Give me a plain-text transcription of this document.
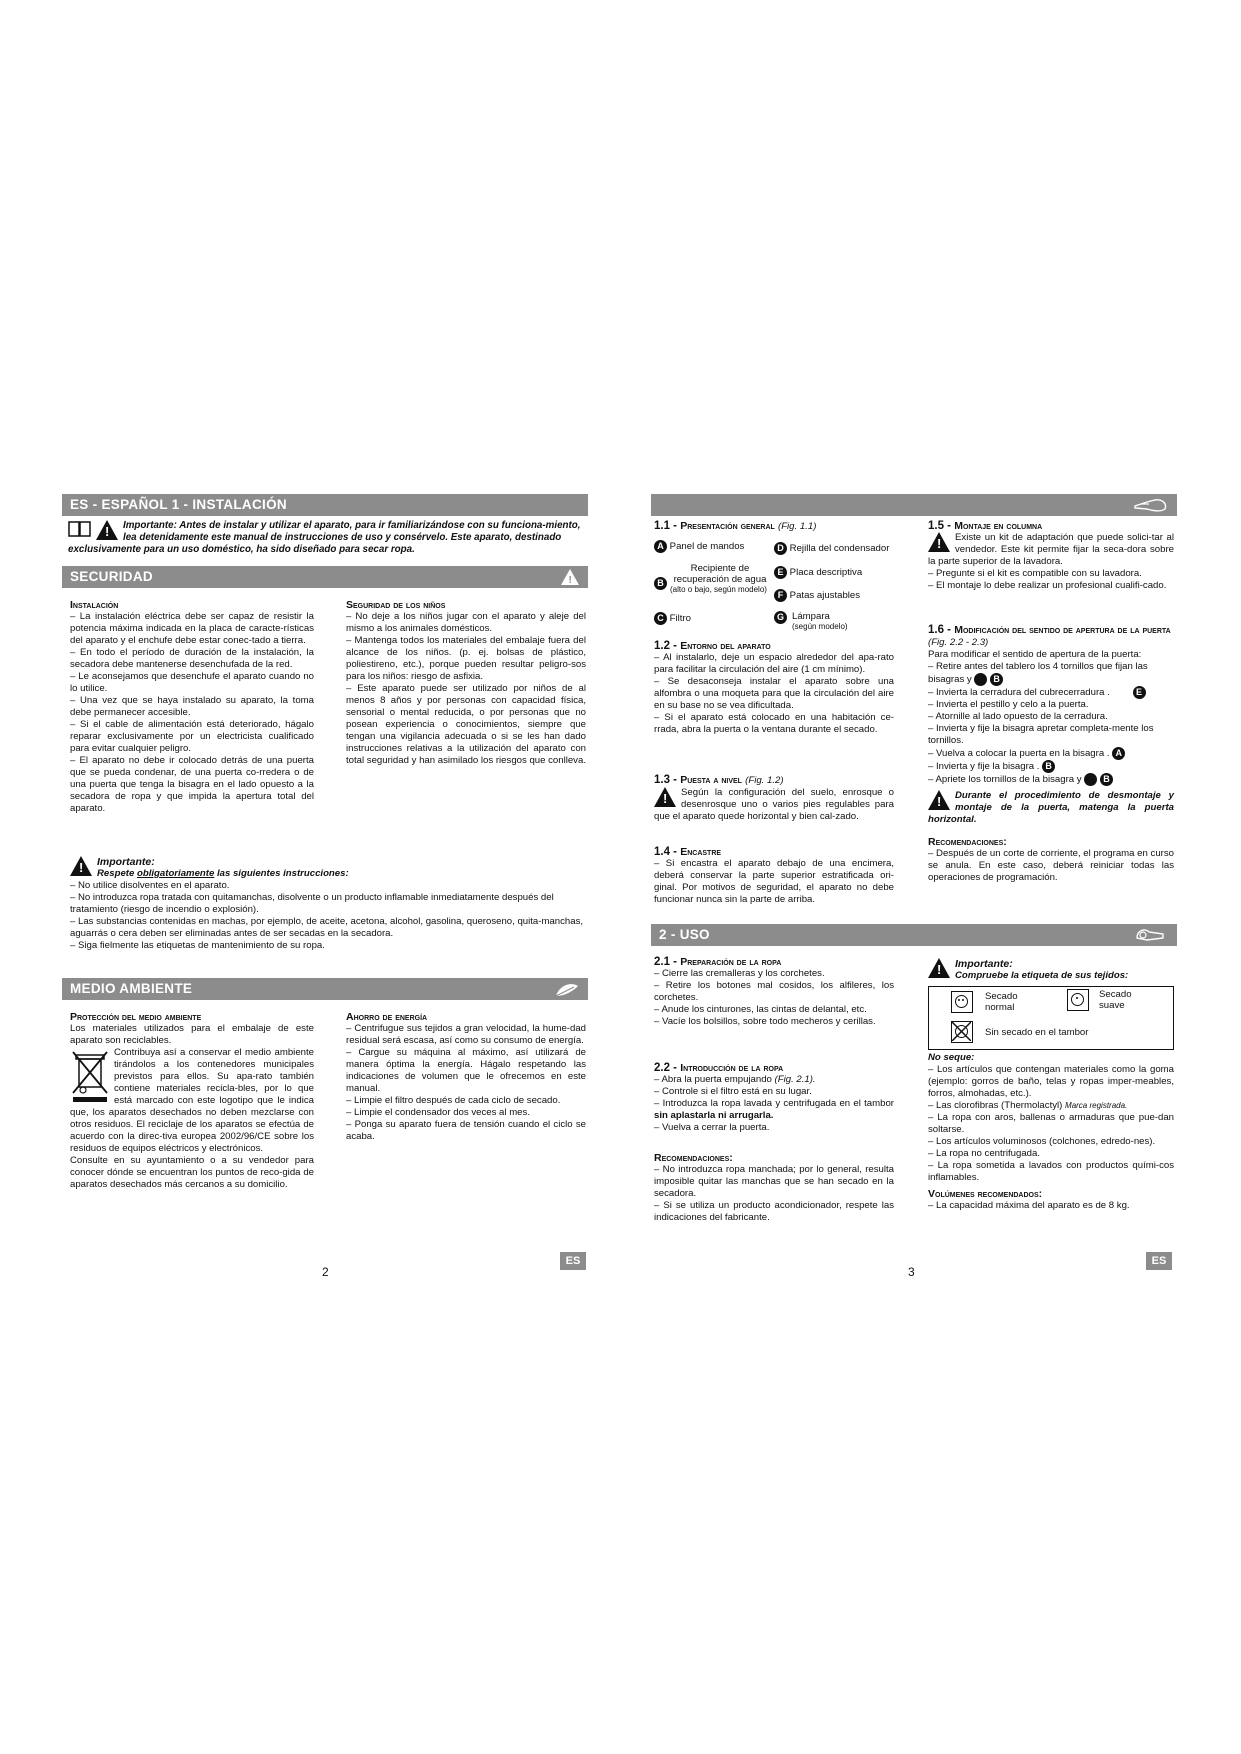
ES - ESPAÑOL 1 - INSTALACIÓN
!

Importante: Antes de instalar y utilizar el aparato, para ir familiarizándose con su funciona-miento, lea detenidamente este manual de instrucciones de uso y consérvelo. Este aparato, destinado exclusivamente para un uso doméstico, ha sido diseñado para secar ropa.

SECURIDAD	!

Instalación

– La instalación eléctrica debe ser capaz de resistir la potencia máxima indicada en la placa de caracte-rísticas del aparato y el enchufe debe estar conec-tado a tierra.

– En todo el período de duración de la instalación, la secadora debe mantenerse desenchufada de la red.

– Le aconsejamos que desenchufe el aparato cuando no lo utilice.

– Una vez que se haya instalado su aparato, la toma debe permanecer accesible.

– Si el cable de alimentación está deteriorado, hágalo reparar exclusivamente por un electricista cualificado para evitar cualquier peligro.

– El aparato no debe ir colocado detrás de una puerta que se pueda condenar, de una puerta co-rredera o de una puerta que tenga la bisagra en el lado opuesto a la secadora de ropa y que impida la apertura total del aparato.

Seguridad de los niños

– No deje a los niños jugar con el aparato y aleje del mismo a los animales domésticos.

– Mantenga todos los materiales del embalaje fuera del alcance de los niños. (p. ej. bolsas de plástico, poliestireno, etc.), porque pueden resultar peligro-sos para los niños: riesgo de asfixia.

– Este aparato puede ser utilizado por niños de al menos 8 años y por personas con capacidad física, sensorial o mental reducida, o por personas que no posean experiencia o conocimientos, siempre que tengan una vigilancia adecuada o si se les han dado instrucciones relativas a la utilización del aparato con total seguridad y han asimilado los riesgos que conlleva.

!

Importante:

Respete obligatoriamente las siguientes instrucciones:

– No utilice disolventes en el aparato.

– No introduzca ropa tratada con quitamanchas, disolvente o un producto inflamable inmediatamente después del tratamiento (riesgo de incendio o explosión).

– Las substancias contenidas en machas, por ejemplo, de aceite, acetona, alcohol, gasolina, queroseno, quita-manchas, aguarrás o cera deben ser eliminadas antes de ser secadas en la secadora.

– Siga fielmente las etiquetas de mantenimiento de su ropa.

MEDIO AMBIENTE

Protección del medio ambiente

Los materiales utilizados para el embalaje de este aparato son reciclables.

Contribuya así a conservar el medio ambiente tirándolos a los contenedores municipales previstos para ellos. Su apa-rato también contiene materiales recicla-bles, por lo que está marcado con este logotipo que le indica que, los aparatos desechados no deben mezclarse con otros residuos. El reciclaje de los aparatos se efectúa de acuerdo con la direc-tiva europea 2002/96/CE sobre los residuos de equipos eléctricos y electrónicos.

Consulte en su ayuntamiento o a su vendedor para conocer dónde se encuentran los puntos de reco-gida de aparatos desechados más cercanos a su domicilio.

Ahorro de energía

– Centrifugue sus tejidos a gran velocidad, la hume-dad residual será escasa, así como su consumo de energía.

– Cargue su máquina al máximo, así utilizará de manera óptima la energía. Hágalo respetando las indicaciones de volumen que le ofrecemos en este manual.

– Limpie el filtro después de cada ciclo de secado.

– Limpie el condensador dos veces al mes.

– Ponga su aparato fuera de tensión cuando el ciclo se acaba.

2
ES

1.1 - Presentación general (Fig. 1.1)

A Panel de mandos
B
Recipiente de recuperación de agua
(alto o bajo, según modelo)
C Filtro
D Rejilla del condensador
E Placa descriptiva
F Patas ajustables
G Lámpara
(según modelo)

1.2 - Entorno del aparato

– Al instalarlo, deje un espacio alrededor del apa-rato para facilitar la circulación del aire (1 cm mínimo).

– Se desaconseja instalar el aparato sobre una alfombra o una moqueta para que la circulación del aire en su base no se vea dificultada.

– Si el aparato está colocado en una habitación ce-rrada, abra la puerta o la ventana durante el secado.

1.3 - Puesta a nivel (Fig. 1.2)

!

Según la configuración del suelo, enrosque o desenrosque uno o varios pies regulables para que el aparato quede horizontal y bien cal-zado.

1.4 - Encastre

– Si encastra el aparato debajo de una encimera, deberá conservar la parte superior estratificada ori-ginal. Por motivos de seguridad, el aparato no debe funcionar nunca sin la parte de arriba.

1.5 - Montaje en columna

!

Existe un kit de adaptación que puede solici-tar al vendedor. Este kit permite fijar la seca-dora sobre la parte superior de la lavadora.

– Pregunte si el kit es compatible con su lavadora.

– El montaje lo debe realizar un profesional cualifi-cado.

1.6 - Modificación del sentido de apertura de la puerta (Fig. 2.2 - 2.3)

Para modificar el sentido de apertura de la puerta:

– Retire antes del tablero los 4 tornillos que fijan las bisagras y B

– Invierta la cerradura del cubrecerradura .	E

– Invierta el pestillo y celo a la puerta.

– Atornille al lado opuesto de la cerradura.

– Invierta y fije la bisagra apretar completa-mente los tornillos.

– Vuelva a colocar la puerta en la bisagra . A

– Invierta y fije la bisagra . B

– Apriete los tornillos de la bisagra y B

!

Durante el procedimiento de desmontaje y montaje de la puerta, matenga la puerta horizontal.

Recomendaciones:

– Después de un corte de corriente, el programa en curso se anula. En este caso, deberá reiniciar todas las operaciones de programación.

2 - USO

2.1 - Preparación de la ropa

– Cierre las cremalleras y los corchetes.

– Retire los botones mal cosidos, los alfileres, los corchetes.

– Anude los cinturones, las cintas de delantal, etc.

– Vacíe los bolsillos, sobre todo mecheros y cerillas.

2.2 - Introducción de la ropa

– Abra la puerta empujando (Fig. 2.1).

– Controle si el filtro está en su lugar.

– Introduzca la ropa lavada y centrifugada en el tambor sin aplastarla ni arrugarla.

– Vuelva a cerrar la puerta.

Recomendaciones:

– No introduzca ropa manchada; por lo general, resulta imposible quitar las manchas que se han secado en la secadora.

– Si se utiliza un producto acondicionador, respete las indicaciones del fabricante.

!

Importante:

Compruebe la etiqueta de sus tejidos:

Secado normal
Secado suave
Sin secado en el tambor

No seque:

– Los artículos que contengan materiales como la goma (ejemplo: gorros de baño, telas y ropas imper-meables, forros, almohadas, etc.).

– Las clorofibras (Thermolactyl) Marca registrada.

– La ropa con aros, ballenas o armaduras que pue-dan soltarse.

– Los artículos voluminosos (colchones, edredo-nes).

– La ropa no centrifugada.

– La ropa sometida a lavados con productos quími-cos inflamables.

Volúmenes recomendados:

– La capacidad máxima del aparato es de 8 kg.

3
ES
